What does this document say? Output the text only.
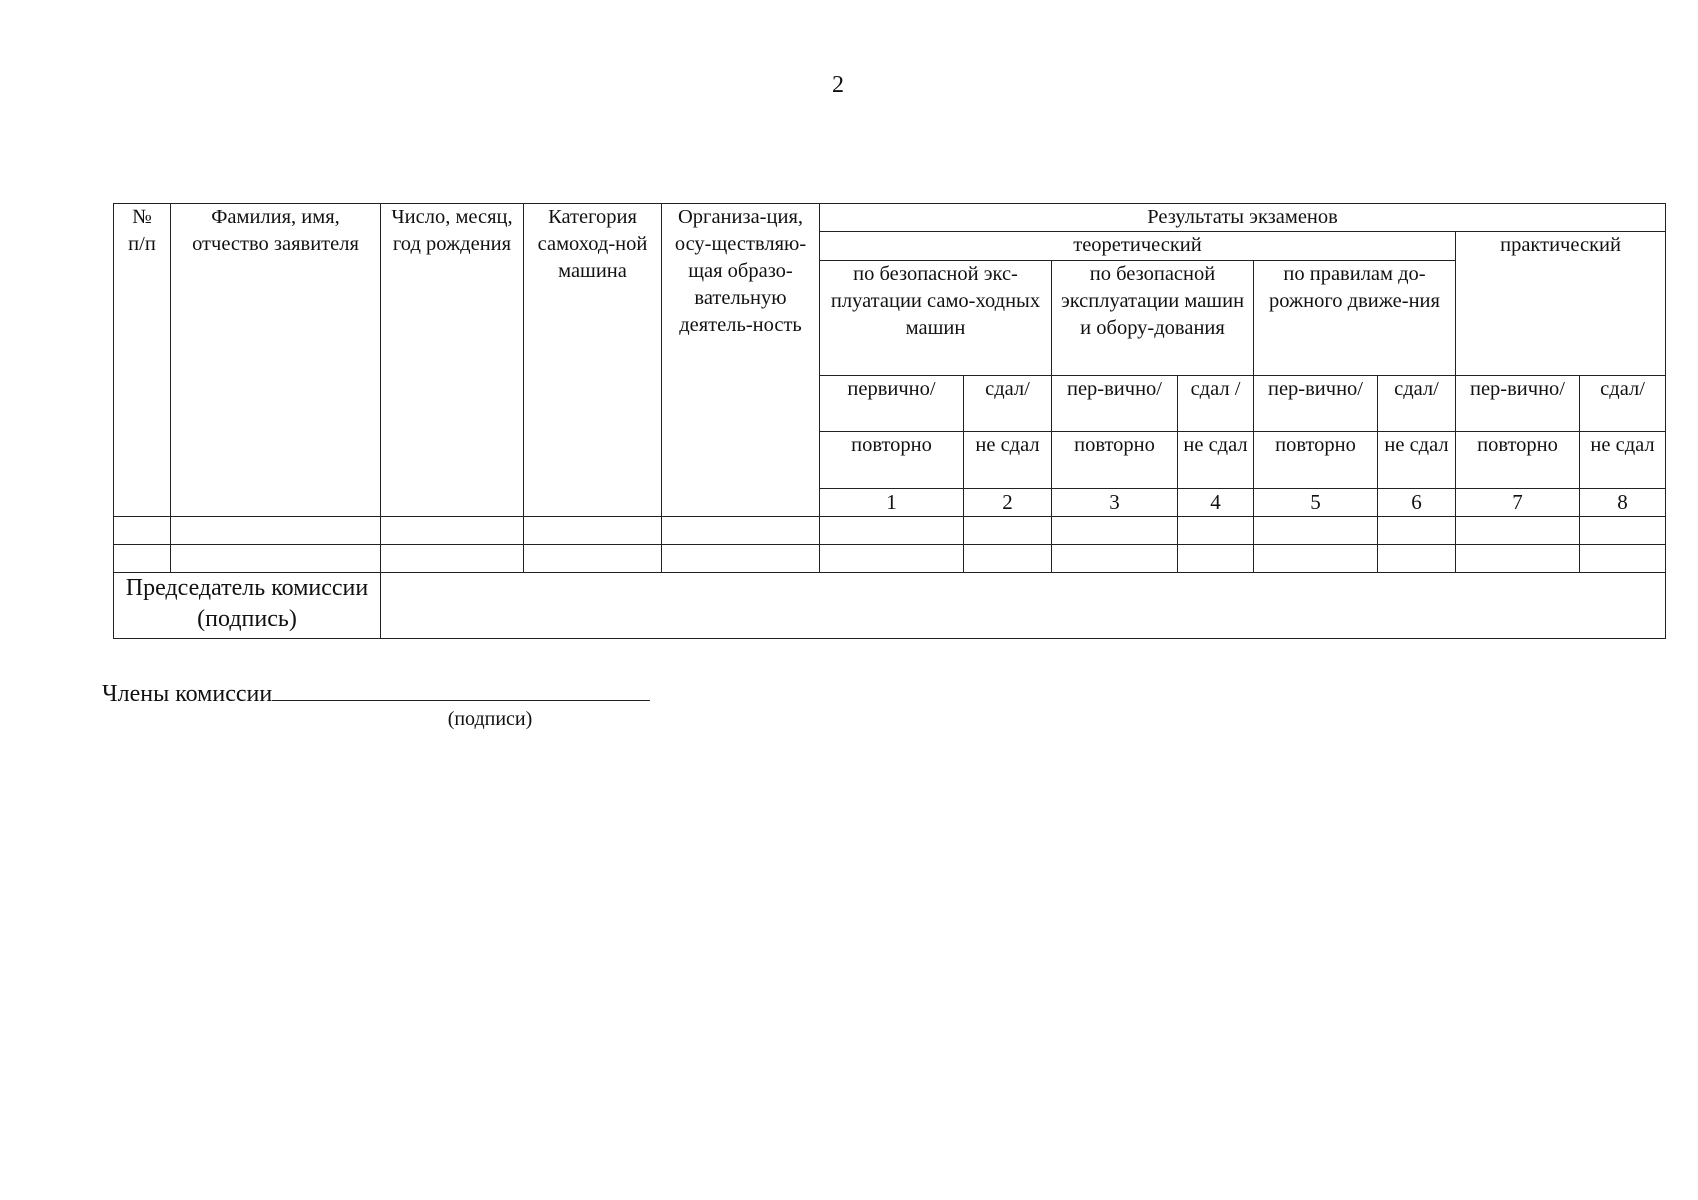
2
№
п/п	Фамилия, имя, отчество заявителя	Число, месяц, год рождения	Категория самоход-ной машина	Организа-ция, осу-ществляю-щая образо-вательную деятель-ность	Результаты экзаменов								
					теоретический						практический		
					по безопасной экс-плуатации само-ходных машин		по безопасной эксплуатации машин и обору-дования		по правилам до-рожного движе-ния				
					первично/	сдал/	пер-вично/	сдал /	пер-вично/	сдал/	пер-вично/	сдал/	
					повторно	не сдал	повторно	не сдал	повторно	не сдал	повторно	не сдал	
					1	2	3	4	5	6	7	8					

Председатель комиссии (подпись)													
Члены комиссии
(подписи)
